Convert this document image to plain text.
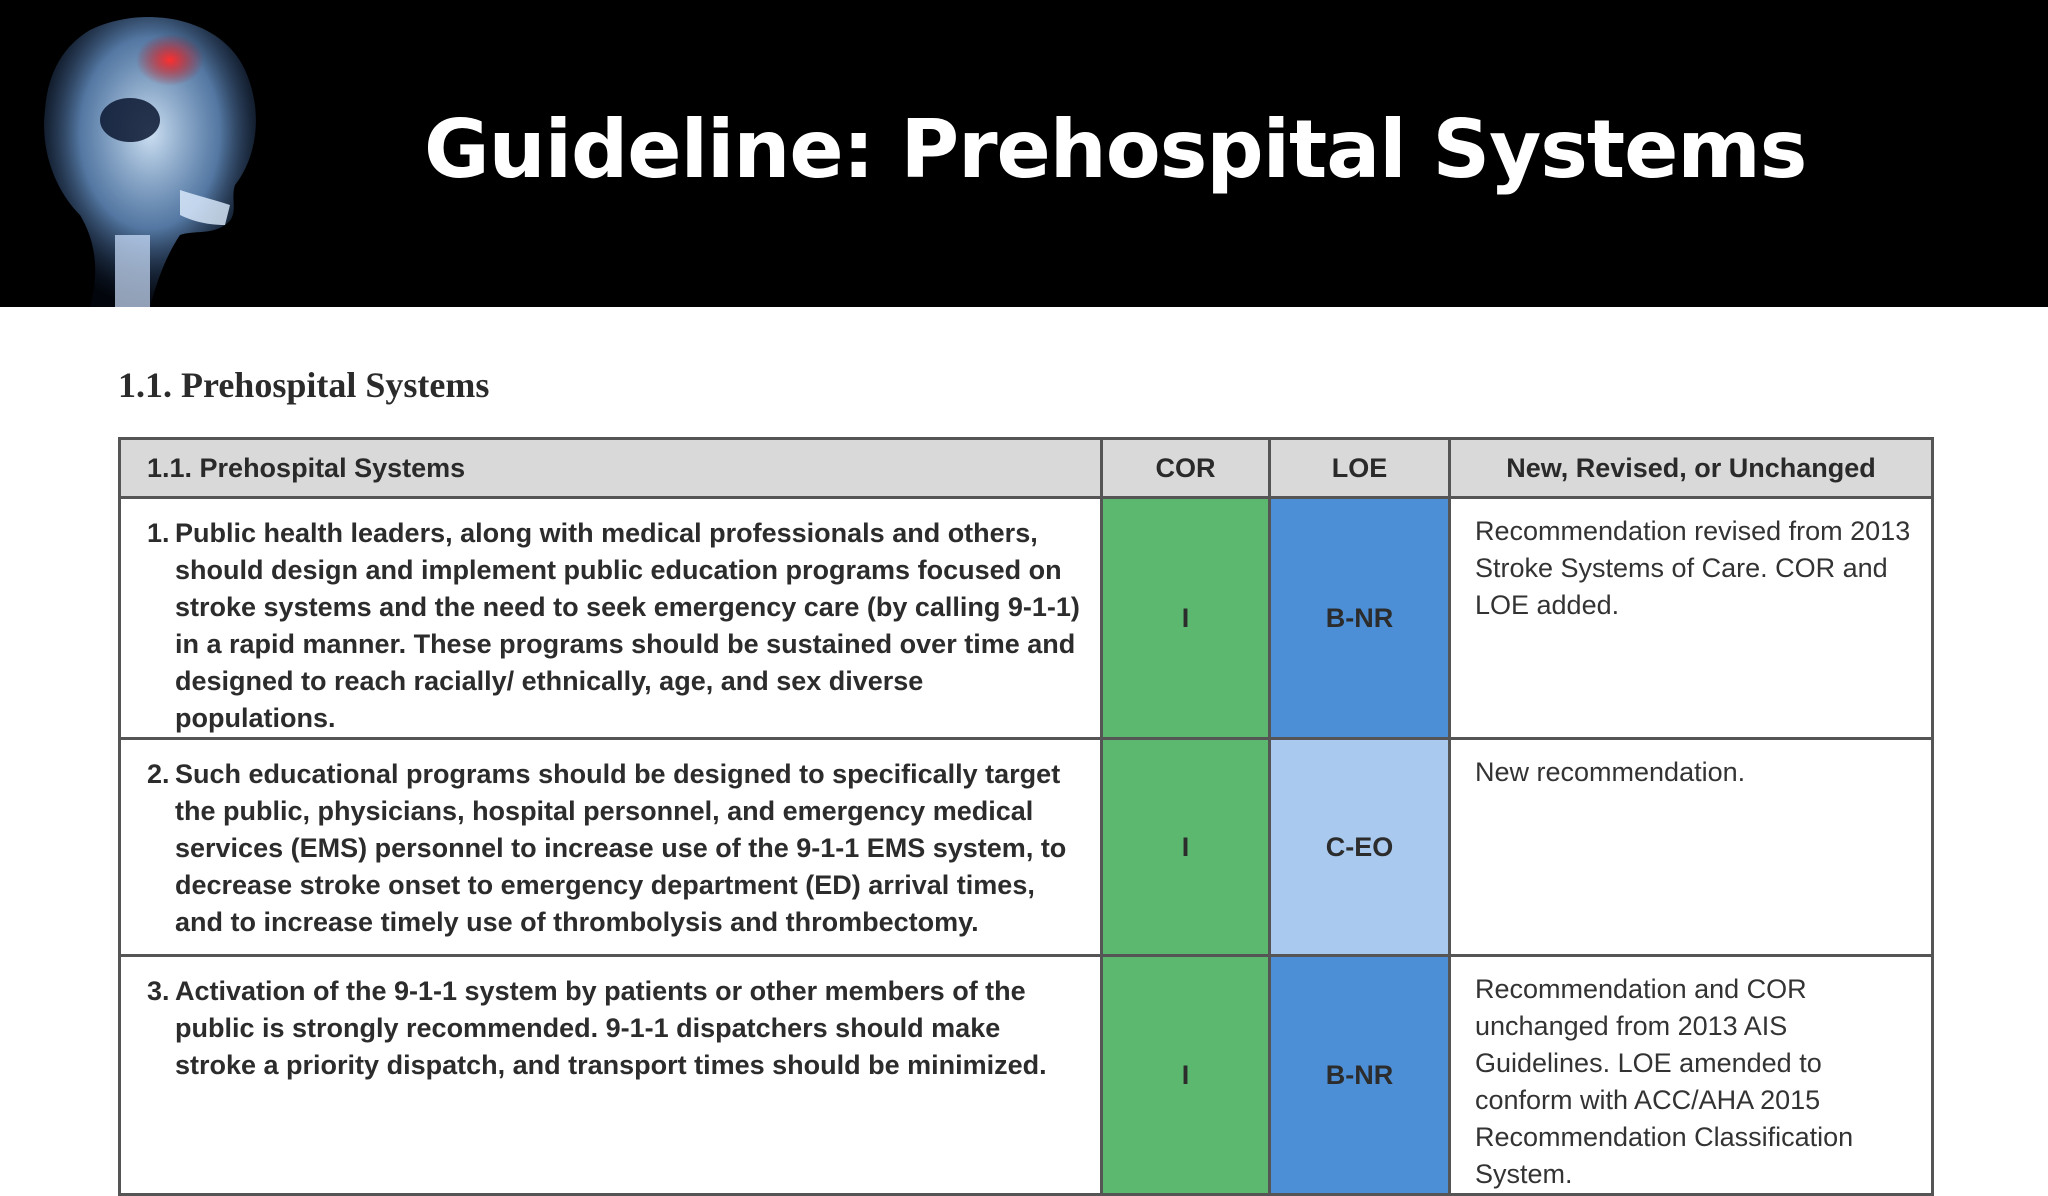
Guideline: Prehospital Systems
1.1. Prehospital Systems
1.1. Prehospital Systems	COR	LOE	New, Revised, or Unchanged

1. Public health leaders, along with medical professionals and others, should design and implement public education programs focused on stroke systems and the need to seek emergency care (by calling 9-1-1) in a rapid manner. These programs should be sustained over time and designed to reach racially/ ethnically, age, and sex diverse populations.	I	B-NR	Recommendation revised from 2013 Stroke Systems of Care. COR and LOE added.

2. Such educational programs should be designed to specifically target the public, physicians, hospital personnel, and emergency medical services (EMS) personnel to increase use of the 9-1-1 EMS system, to decrease stroke onset to emergency department (ED) arrival times, and to increase timely use of thrombolysis and thrombectomy.	I	C-EO	New recommendation.

3. Activation of the 9-1-1 system by patients or other members of the public is strongly recommended. 9-1-1 dispatchers should make stroke a priority dispatch, and transport times should be minimized.	I	B-NR	Recommendation and COR unchanged from 2013 AIS Guidelines. LOE amended to conform with ACC/AHA 2015 Recommendation Classification System.
